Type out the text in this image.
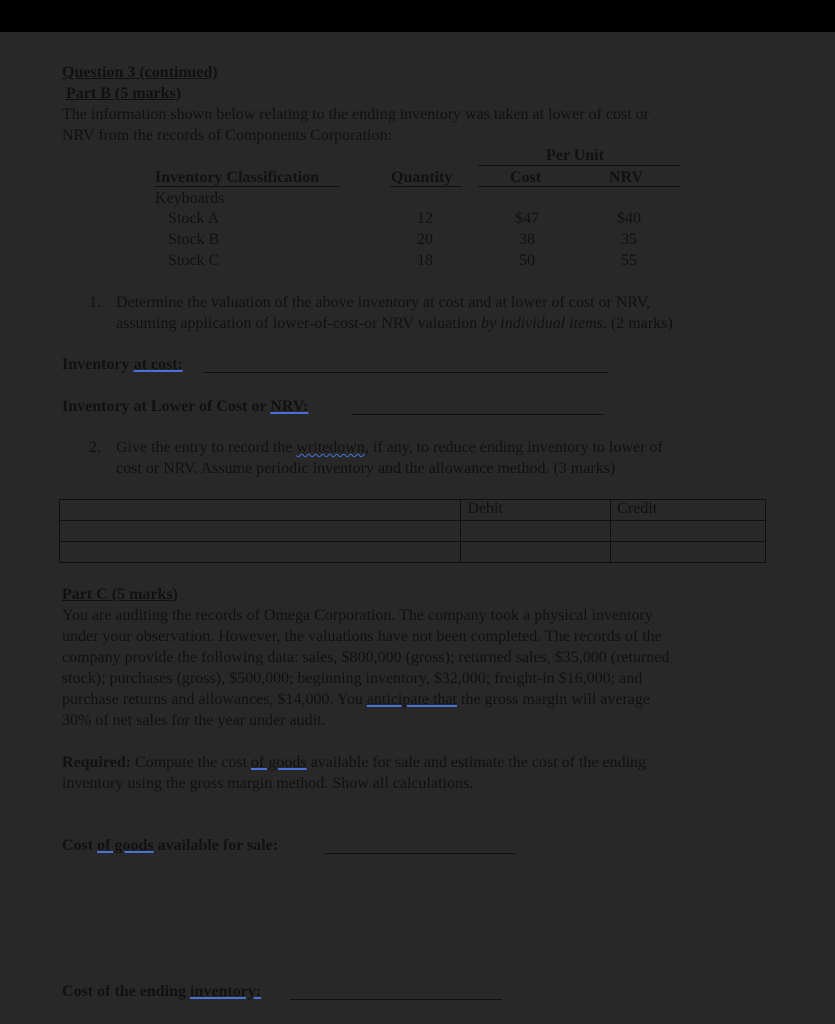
Question 3 (continued)
Part B (5 marks)
The information shown below relating to the ending inventory was taken at lower of cost or
NRV from the records of Components Corporation:
Per Unit
Inventory Classification	Quantity	Cost	NRV
Keyboards
Stock A	12	$47	$40
Stock B	20	38	35
Stock C	18	50	55
1. Determine the valuation of the above inventory at cost and at lower of cost or NRV,
assuming application of lower-of-cost-or NRV valuation by individual items. (2 marks)
Inventory at cost:
Inventory at Lower of Cost or NRV:
2. Give the entry to record the writedown, if any, to reduce ending inventory to lower of
cost or NRV. Assume periodic inventory and the allowance method. (3 marks)
	Debit	Credit

Part C (5 marks)
You are auditing the records of Omega Corporation. The company took a physical inventory
under your observation. However, the valuations have not been completed. The records of the
company provide the following data: sales, $800,000 (gross); returned sales, $35,000 (returned
stock); purchases (gross), $500,000; beginning inventory, $32,000; freight-in $16,000; and
purchase returns and allowances, $14,000. You anticipate that the gross margin will average
30% of net sales for the year under audit.
Required: Compute the cost of goods available for sale and estimate the cost of the ending
inventory using the gross margin method. Show all calculations.
Cost of goods available for sale:
Cost of the ending inventory:
